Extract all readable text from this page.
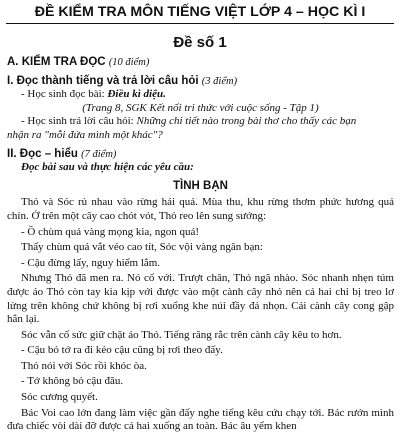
ĐỀ KIỂM TRA MÔN TIẾNG VIỆT LỚP 4 – HỌC KÌ I
Đề số 1
A. KIỂM TRA ĐỌC (10 điểm)
I. Đọc thành tiếng và trả lời câu hỏi (3 điểm)
- Học sinh đọc bài: Điều kì diệu.
(Trang 8, SGK Kết nối tri thức với cuộc sống - Tập 1)
- Học sinh trả lời câu hỏi: Những chi tiết nào trong bài thơ cho thấy các bạn
nhận ra "mỗi đứa mình một khác"?
II. Đọc – hiểu (7 điểm)
Đọc bài sau và thực hiện các yêu cầu:
TÌNH BẠN
Thỏ và Sóc rủ nhau vào rừng hái quả. Mùa thu, khu rừng thơm phức hương quả chín. Ở trên một cây cao chót vót, Thỏ reo lên sung sướng:
- Ồ chùm quả vàng mọng kia, ngon quá!
Thấy chùm quả vắt vẻo cao tít, Sóc vội vàng ngăn bạn:
- Cậu đừng lấy, nguy hiểm lắm.
Nhưng Thỏ đã men ra. Nó cố với. Trượt chân, Thỏ ngã nhào. Sóc nhanh nhẹn túm được áo Thỏ còn tay kia kịp với được vào một cành cây nhỏ nên cả hai chỉ bị treo lơ lửng trên không chứ không bị rơi xuống khe núi đầy đá nhọn. Cái cành cây cong gập hẳn lại.
Sóc vẫn cố sức giữ chặt áo Thỏ. Tiếng răng rắc trên cành cây kêu to hơn.
- Cậu bỏ tớ ra đi kẻo cậu cũng bị rơi theo đấy.
Thỏ nói với Sóc rồi khóc òa.
- Tớ không bỏ cậu đâu.
Sóc cương quyết.
Bác Voi cao lớn đang làm việc gần đấy nghe tiếng kêu cứu chạy tới. Bác rướn mình đưa chiếc vòi dài đỡ được cả hai xuống an toàn. Bác âu yếm khen
